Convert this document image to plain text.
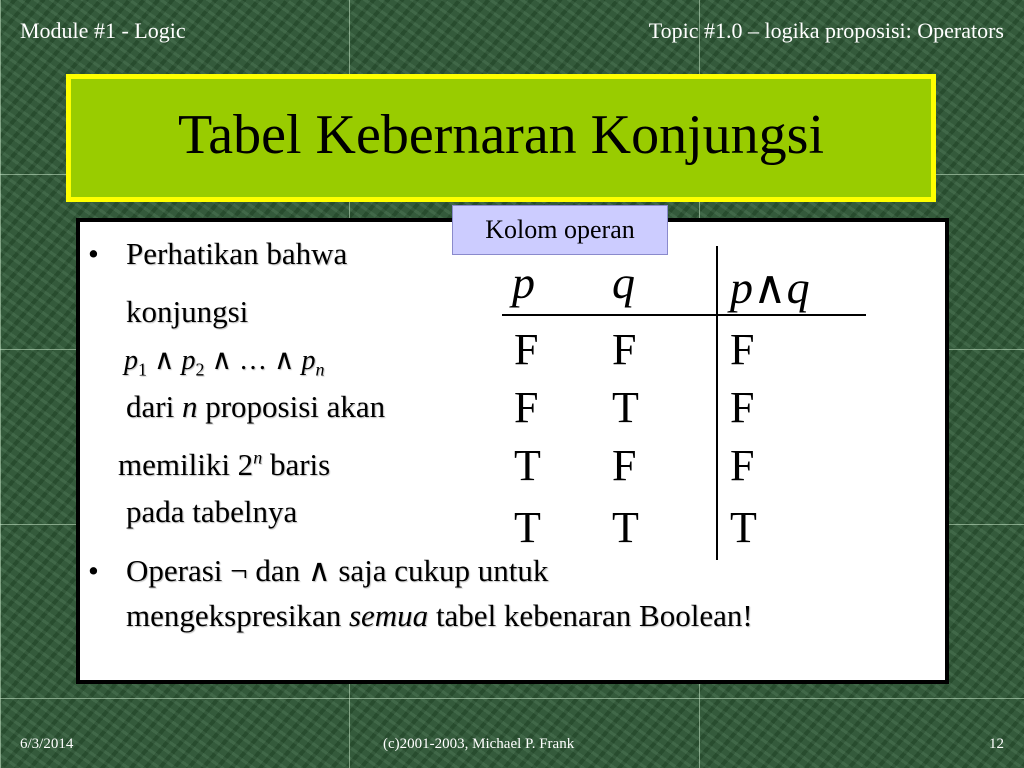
Module #1 - Logic	Topic #1.0 – logika proposisi: Operators
Tabel Kebernaran Konjungsi
Kolom operan
• Perhatikan bahwa
konjungsi
$p_1$ ∧ $p_2$ ∧ … ∧ $p_n$
dari n proposisi akan
memiliki 2$^n$ baris
pada tabelnya
• Operasi ¬ dan ∧ saja cukup untuk
mengekspresikan semua tabel kebenaran Boolean!
p q p∧q
F F F
F T F
T F F
T T T
6/3/2014	(c)2001-2003, Michael P. Frank	12
